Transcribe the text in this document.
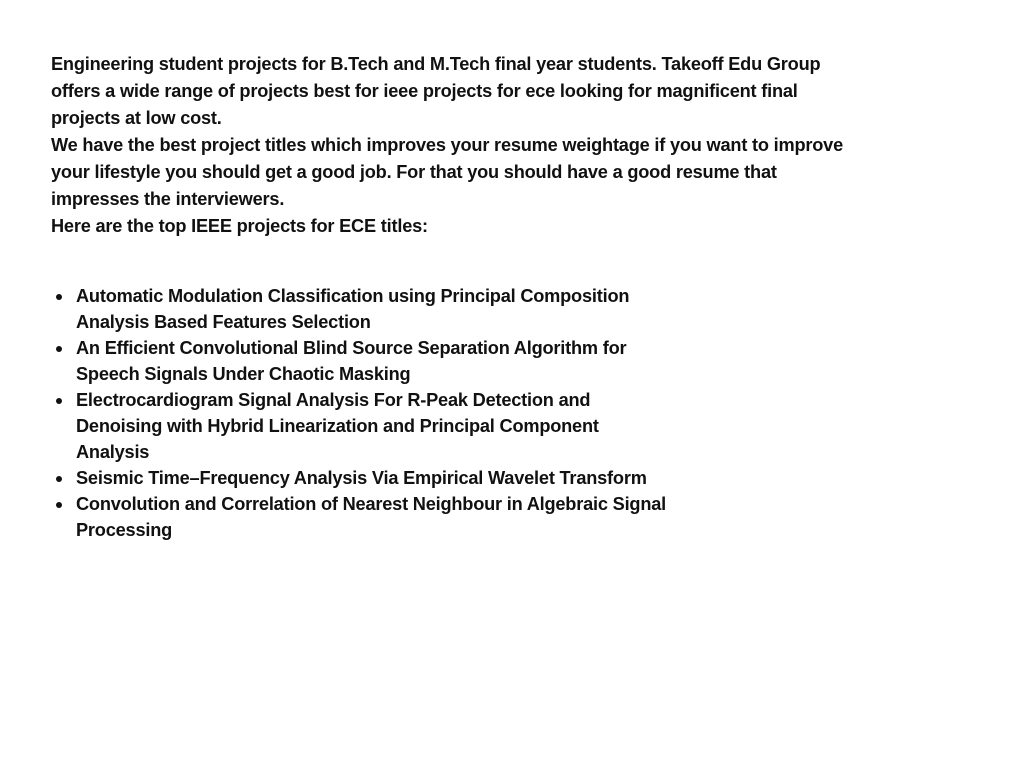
Engineering student projects for B.Tech and M.Tech final year students. Takeoff Edu Group offers a wide range of projects best for ieee projects for ece looking for magnificent final projects at low cost.

We have the best project titles which improves your resume weightage if you want to improve your lifestyle you should get a good job. For that you should have a good resume that impresses the interviewers.

Here are the top IEEE projects for ECE titles:

Automatic Modulation Classification using Principal Composition Analysis Based Features Selection
An Efficient Convolutional Blind Source Separation Algorithm for Speech Signals Under Chaotic Masking
Electrocardiogram Signal Analysis For R-Peak Detection and Denoising with Hybrid Linearization and Principal Component Analysis
Seismic Time–Frequency Analysis Via Empirical Wavelet Transform
Convolution and Correlation of Nearest Neighbour in Algebraic Signal Processing
